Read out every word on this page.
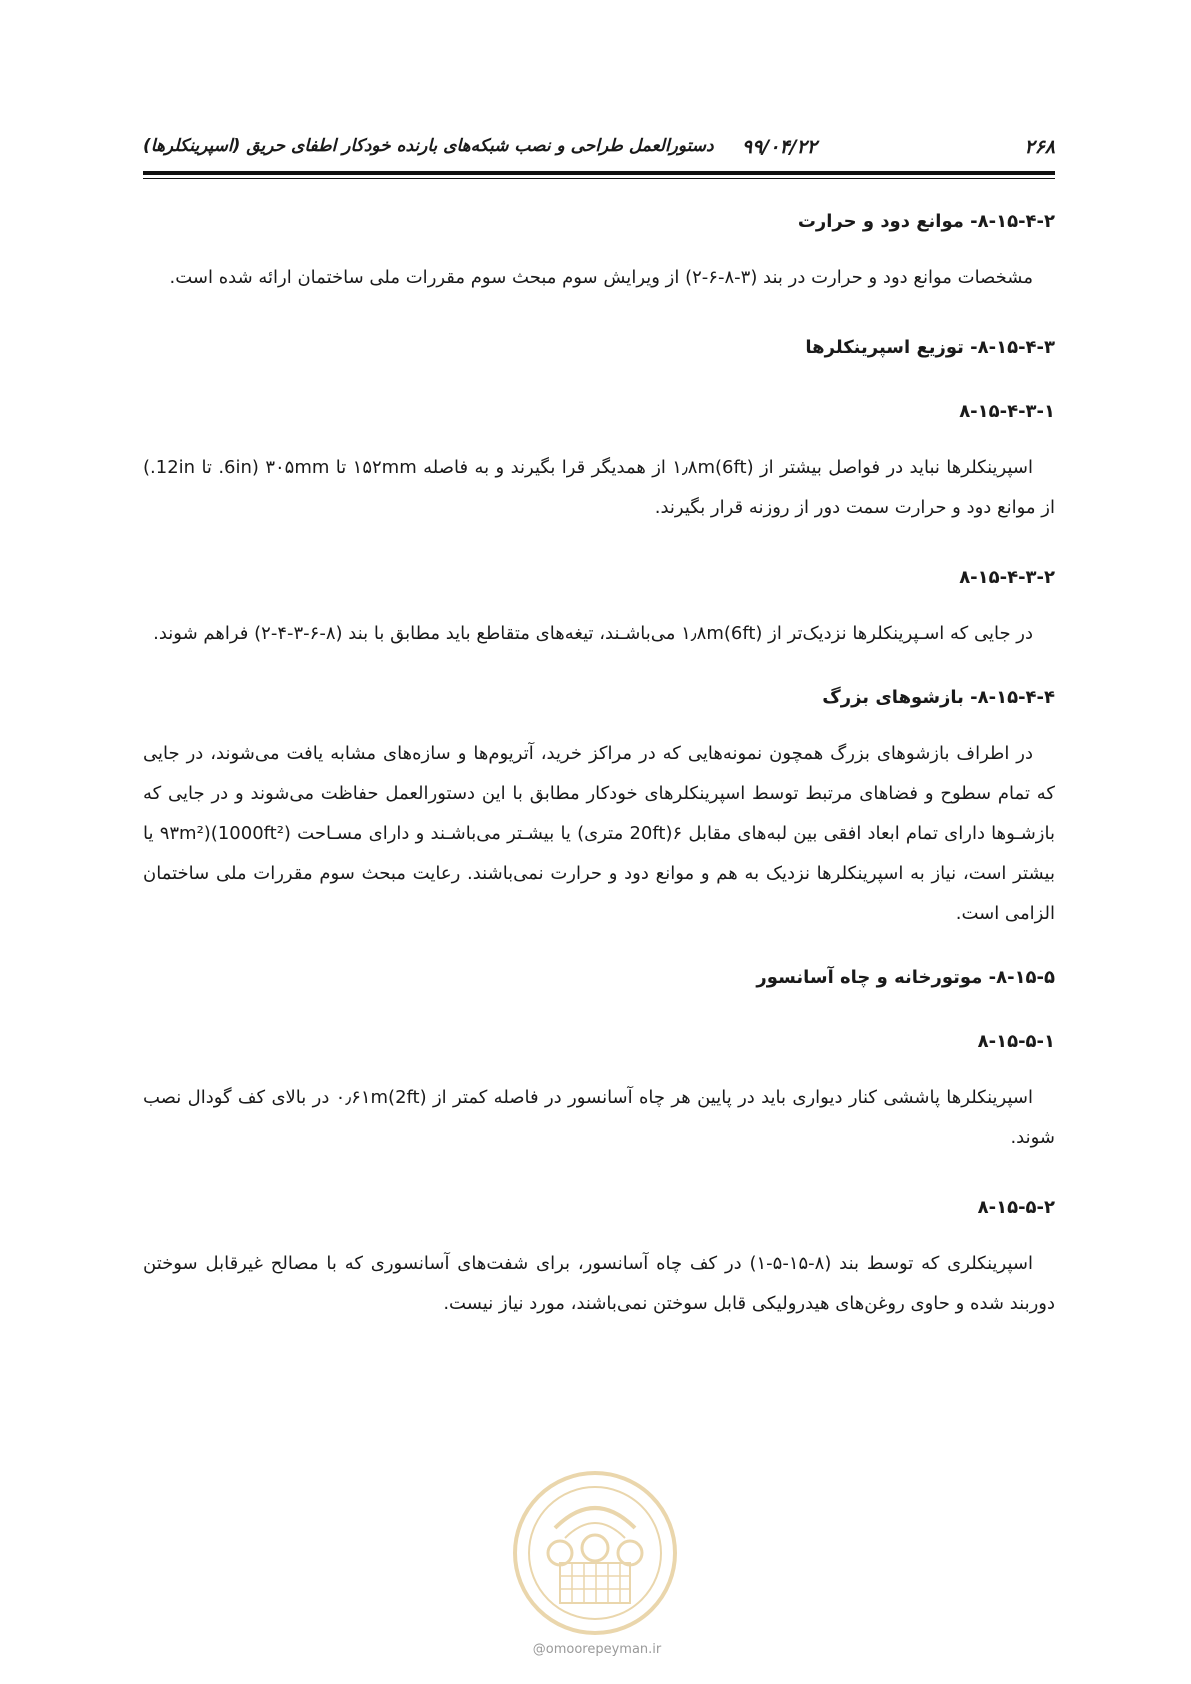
۲۶۸
۹۹/۰۴/۲۲
دستورالعمل طراحی و نصب شبکه‌های بارنده خودکار اطفای حریق (اسپرینکلرها)

۸-۱۵-۴-۲- موانع دود و حرارت

مشخصات موانع دود و حرارت در بند (۳-۸-۶-۲) از ویرایش سوم مبحث سوم مقررات ملی ساختمان ارائه شده است.

۸-۱۵-۴-۳- توزیع اسپرینکلرها

۸-۱۵-۴-۳-۱

اسپرینکلرها نباید در فواصل بیشتر از ۱٫۸m(6ft) از همدیگر قرا بگیرند و به فاصله ۱۵۲mm تا ۳۰۵mm (6in. تا 12in.) از موانع دود و حرارت سمت دور از روزنه قرار بگیرند.

۸-۱۵-۴-۳-۲

در جایی که اسـپرینکلرها نزدیک‌تر از ۱٫۸m(6ft) می‌باشـند، تیغه‌های متقاطع باید مطابق با بند (۸-۶-۳-۴-۲) فراهم شوند.

۸-۱۵-۴-۴- بازشوهای بزرگ

در اطراف بازشوهای بزرگ همچون نمونه‌هایی که در مراکز خرید، آتریوم‌ها و سازه‌های مشابه یافت می‌شوند، در جایی که تمام سطوح و فضاهای مرتبط توسط اسپرینکلرهای خودکار مطابق با این دستورالعمل حفاظت می‌شوند و در جایی که بازشـوها دارای تمام ابعاد افقی بین لبه‌های مقابل ۶(20ft متری) یا بیشـتر می‌باشـند و دارای مسـاحت ۹۳m²)(1000ft²) یا بیشتر است، نیاز به اسپرینکلرها نزدیک به هم و موانع دود و حرارت نمی‌باشند. رعایت مبحث سوم مقررات ملی ساختمان الزامی است.

۸-۱۵-۵- موتورخانه و چاه آسانسور

۸-۱۵-۵-۱

اسپرینکلرها پاششی کنار دیواری باید در پایین هر چاه آسانسور در فاصله کمتر از ۰٫۶۱m(2ft) در بالای کف گودال نصب شوند.

۸-۱۵-۵-۲

اسپرینکلری که توسط بند (۸-۱۵-۵-۱) در کف چاه آسانسور، برای شفت‌های آسانسوری که با مصالح غیرقابل سوختن دوربند شده و حاوی روغن‌های هیدرولیکی قابل سوختن نمی‌باشند، مورد نیاز نیست.

@omoorepeyman.ir
